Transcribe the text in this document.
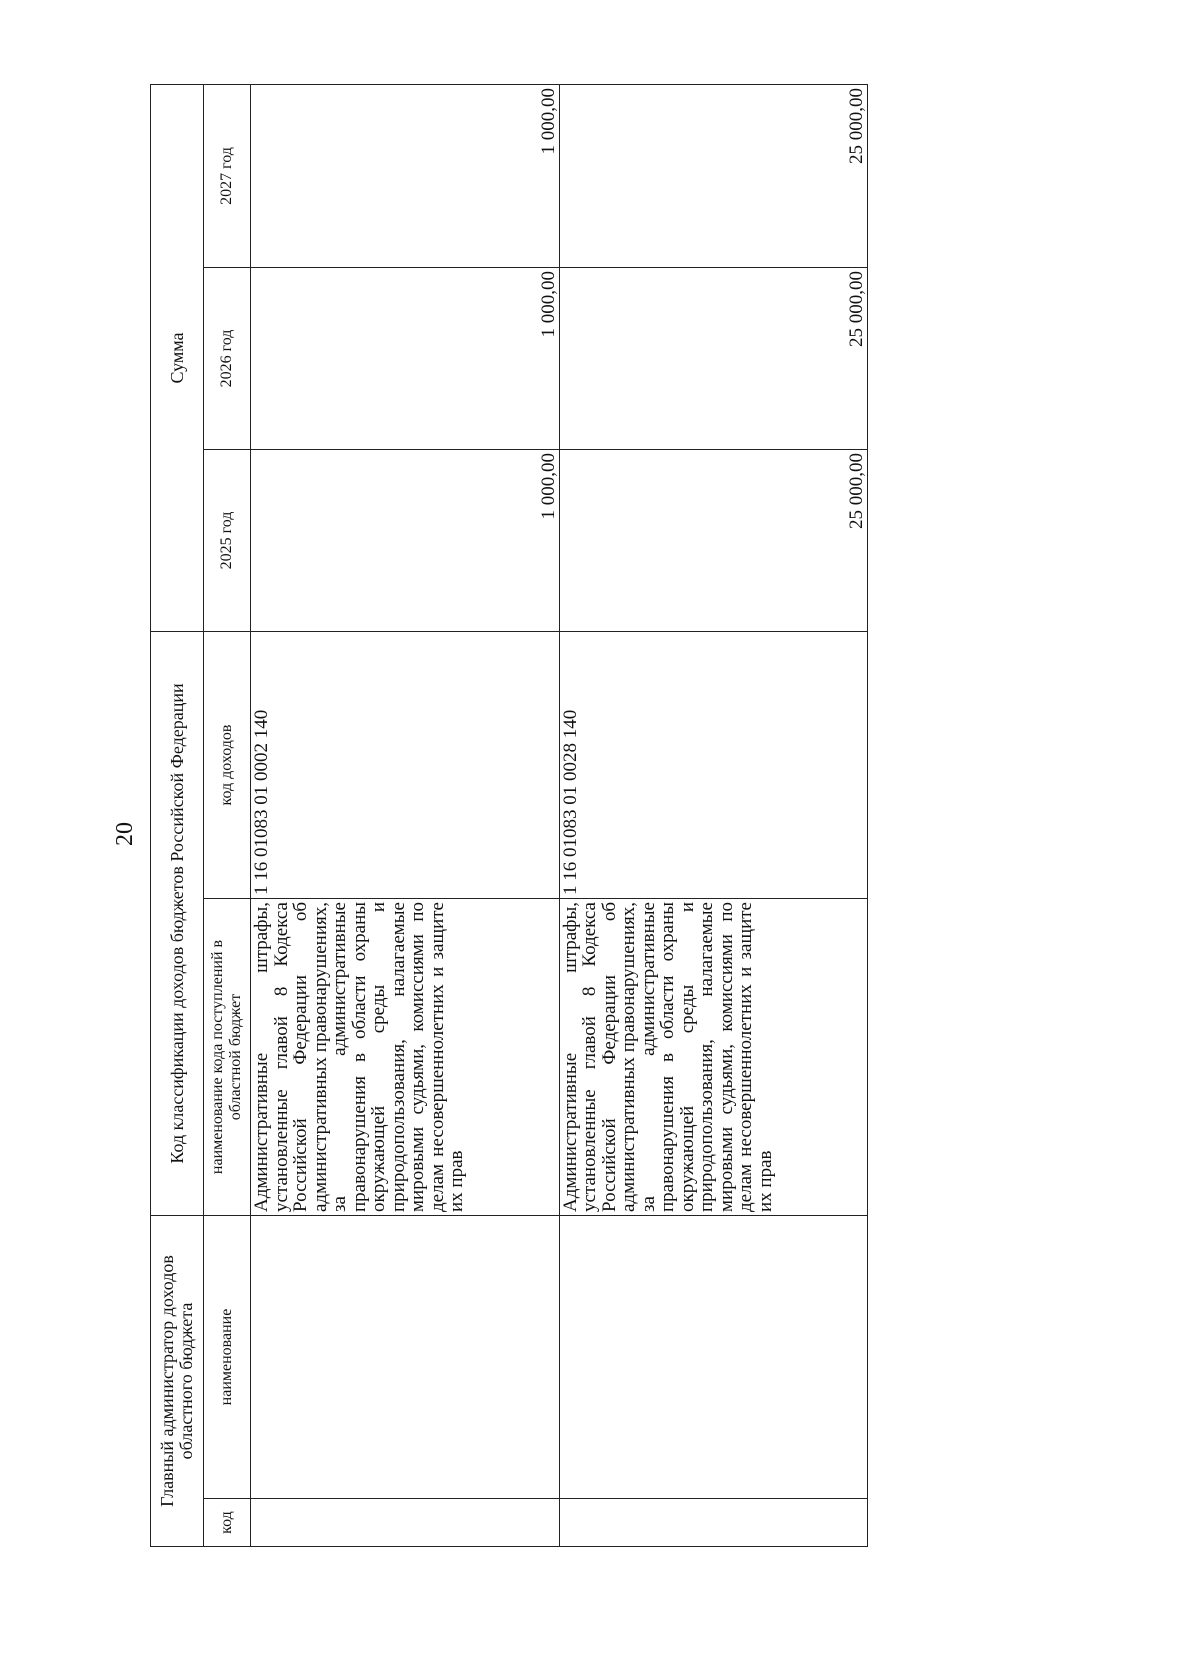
20
Главный администратор доходов областного бюджета		Код классификации доходов бюджетов Российской Федерации		Сумма		
код	наименование	наименование кода поступлений в областной бюджет	код доходов	2025 год	2026 год	2027 год
		Административные штрафы, установленные главой 8 Кодекса Российской Федерации об административных правонарушениях, за административные правонарушения в области охраны окружающей среды и природопользования, налагаемые мировыми судьями, комиссиями по делам несовершеннолетних и защите их прав	1 16 01083 01 0002 140	1 000,00	1 000,00	1 000,00
		Административные штрафы, установленные главой 8 Кодекса Российской Федерации об административных правонарушениях, за административные правонарушения в области охраны окружающей среды и природопользования, налагаемые мировыми судьями, комиссиями по делам несовершеннолетних и защите их прав	1 16 01083 01 0028 140	25 000,00	25 000,00	25 000,00
